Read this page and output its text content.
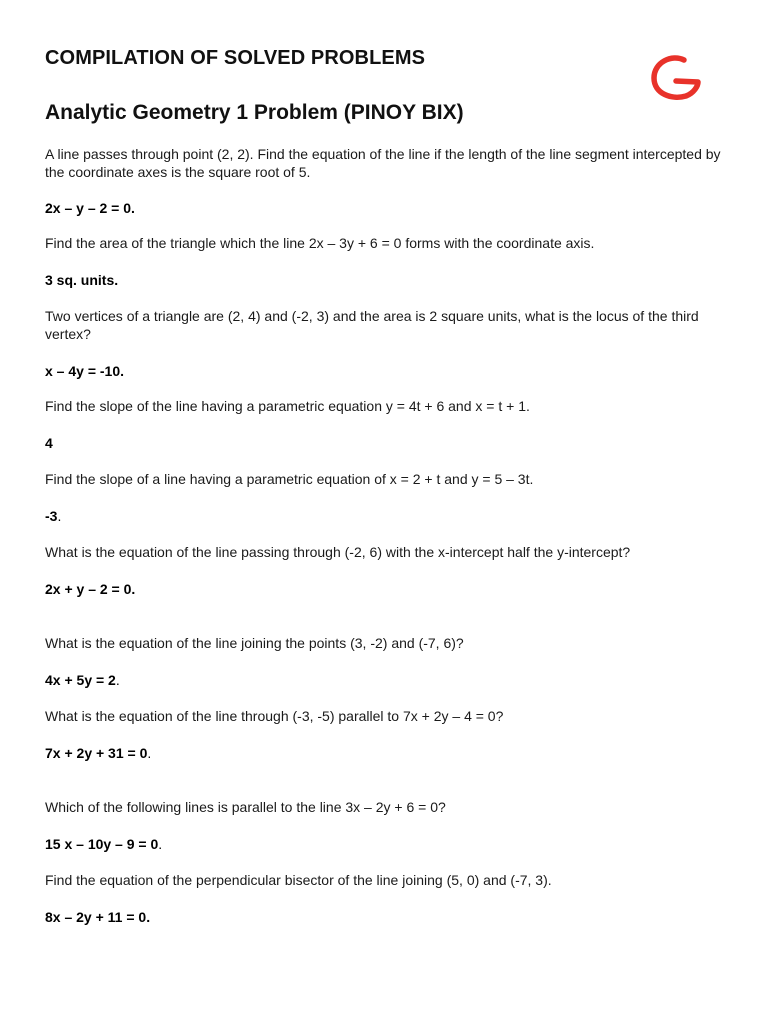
COMPILATION OF SOLVED PROBLEMS
Analytic Geometry 1 Problem (PINOY BIX)

A line passes through point (2, 2). Find the equation of the line if the length of the line segment intercepted by the coordinate axes is the square root of 5.

2x – y – 2 = 0.

Find the area of the triangle which the line 2x – 3y + 6 = 0 forms with the coordinate axis.

3 sq. units.

Two vertices of a triangle are (2, 4) and (-2, 3) and the area is 2 square units, what is the locus of the third vertex?

x – 4y = -10.

Find the slope of the line having a parametric equation y = 4t + 6 and x = t + 1.

4

Find the slope of a line having a parametric equation of x = 2 + t and y = 5 – 3t.

-3.

What is the equation of the line passing through (-2, 6) with the x-intercept half the y-intercept?

2x + y – 2 = 0.

What is the equation of the line joining the points (3, -2) and (-7, 6)?

4x + 5y = 2.

What is the equation of the line through (-3, -5) parallel to 7x + 2y – 4 = 0?

7x + 2y + 31 = 0.

Which of the following lines is parallel to the line 3x – 2y + 6 = 0?

15 x – 10y – 9 = 0.

Find the equation of the perpendicular bisector of the line joining (5, 0) and (-7, 3).

8x – 2y + 11 = 0.
